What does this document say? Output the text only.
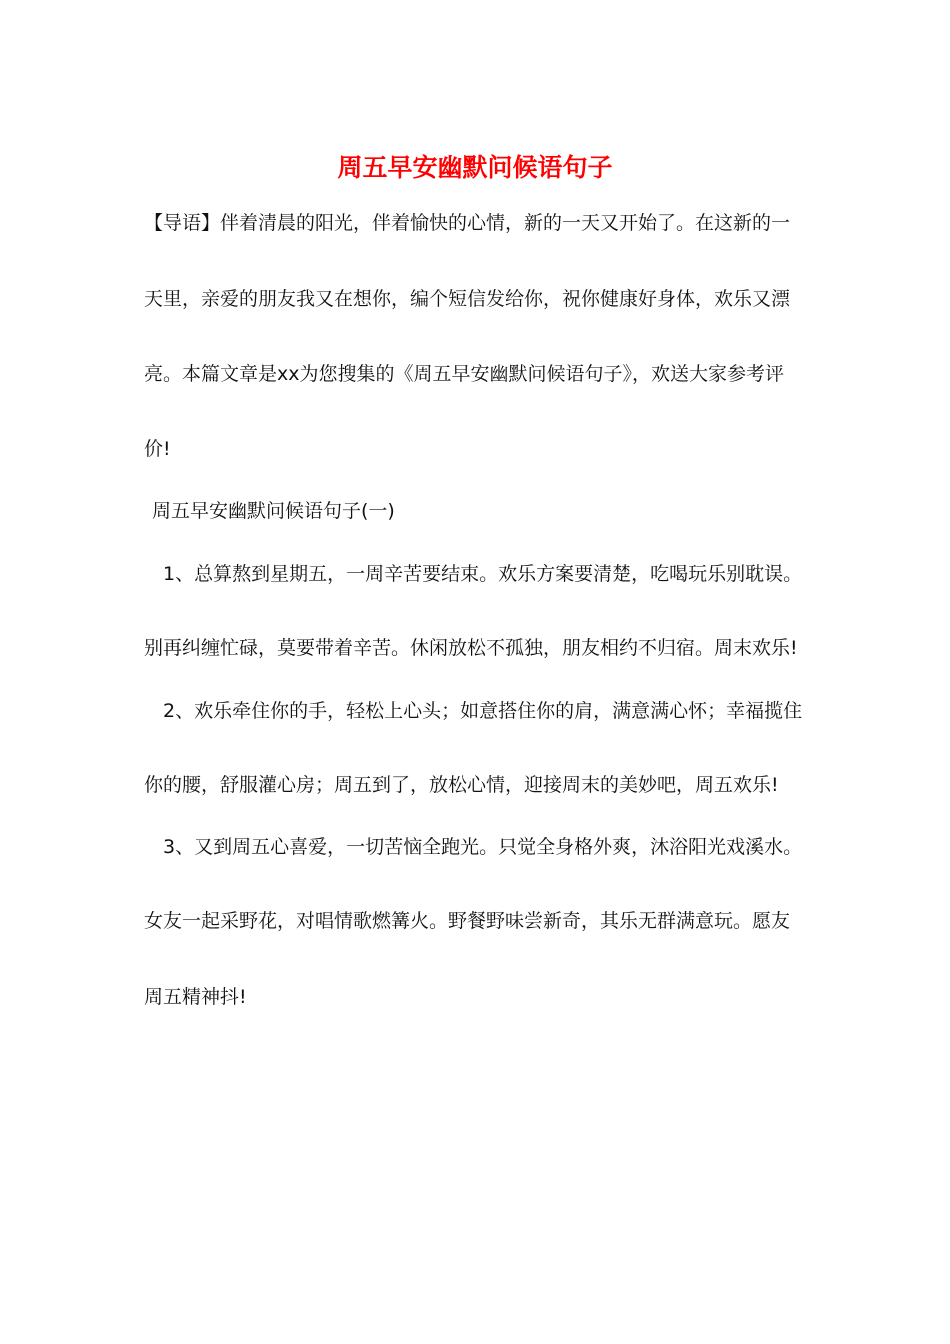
周五早安幽默问候语句子
【导语】伴着清晨的阳光，伴着愉快的心情，新的一天又开始了。在这新的一
天里，亲爱的朋友我又在想你，编个短信发给你，祝你健康好身体，欢乐又漂
亮。本篇文章是xx为您搜集的《周五早安幽默问候语句子》，欢送大家参考评
价!
周五早安幽默问候语句子(一)
1、总算熬到星期五，一周辛苦要结束。欢乐方案要清楚，吃喝玩乐别耽误。
别再纠缠忙碌，莫要带着辛苦。休闲放松不孤独，朋友相约不归宿。周末欢乐!
2、欢乐牵住你的手，轻松上心头；如意搭住你的肩，满意满心怀；幸福揽住
你的腰，舒服灌心房；周五到了，放松心情，迎接周末的美妙吧，周五欢乐!
3、又到周五心喜爱，一切苦恼全跑光。只觉全身格外爽，沐浴阳光戏溪水。
女友一起采野花，对唱情歌燃篝火。野餐野味尝新奇，其乐无群满意玩。愿友
周五精神抖!
